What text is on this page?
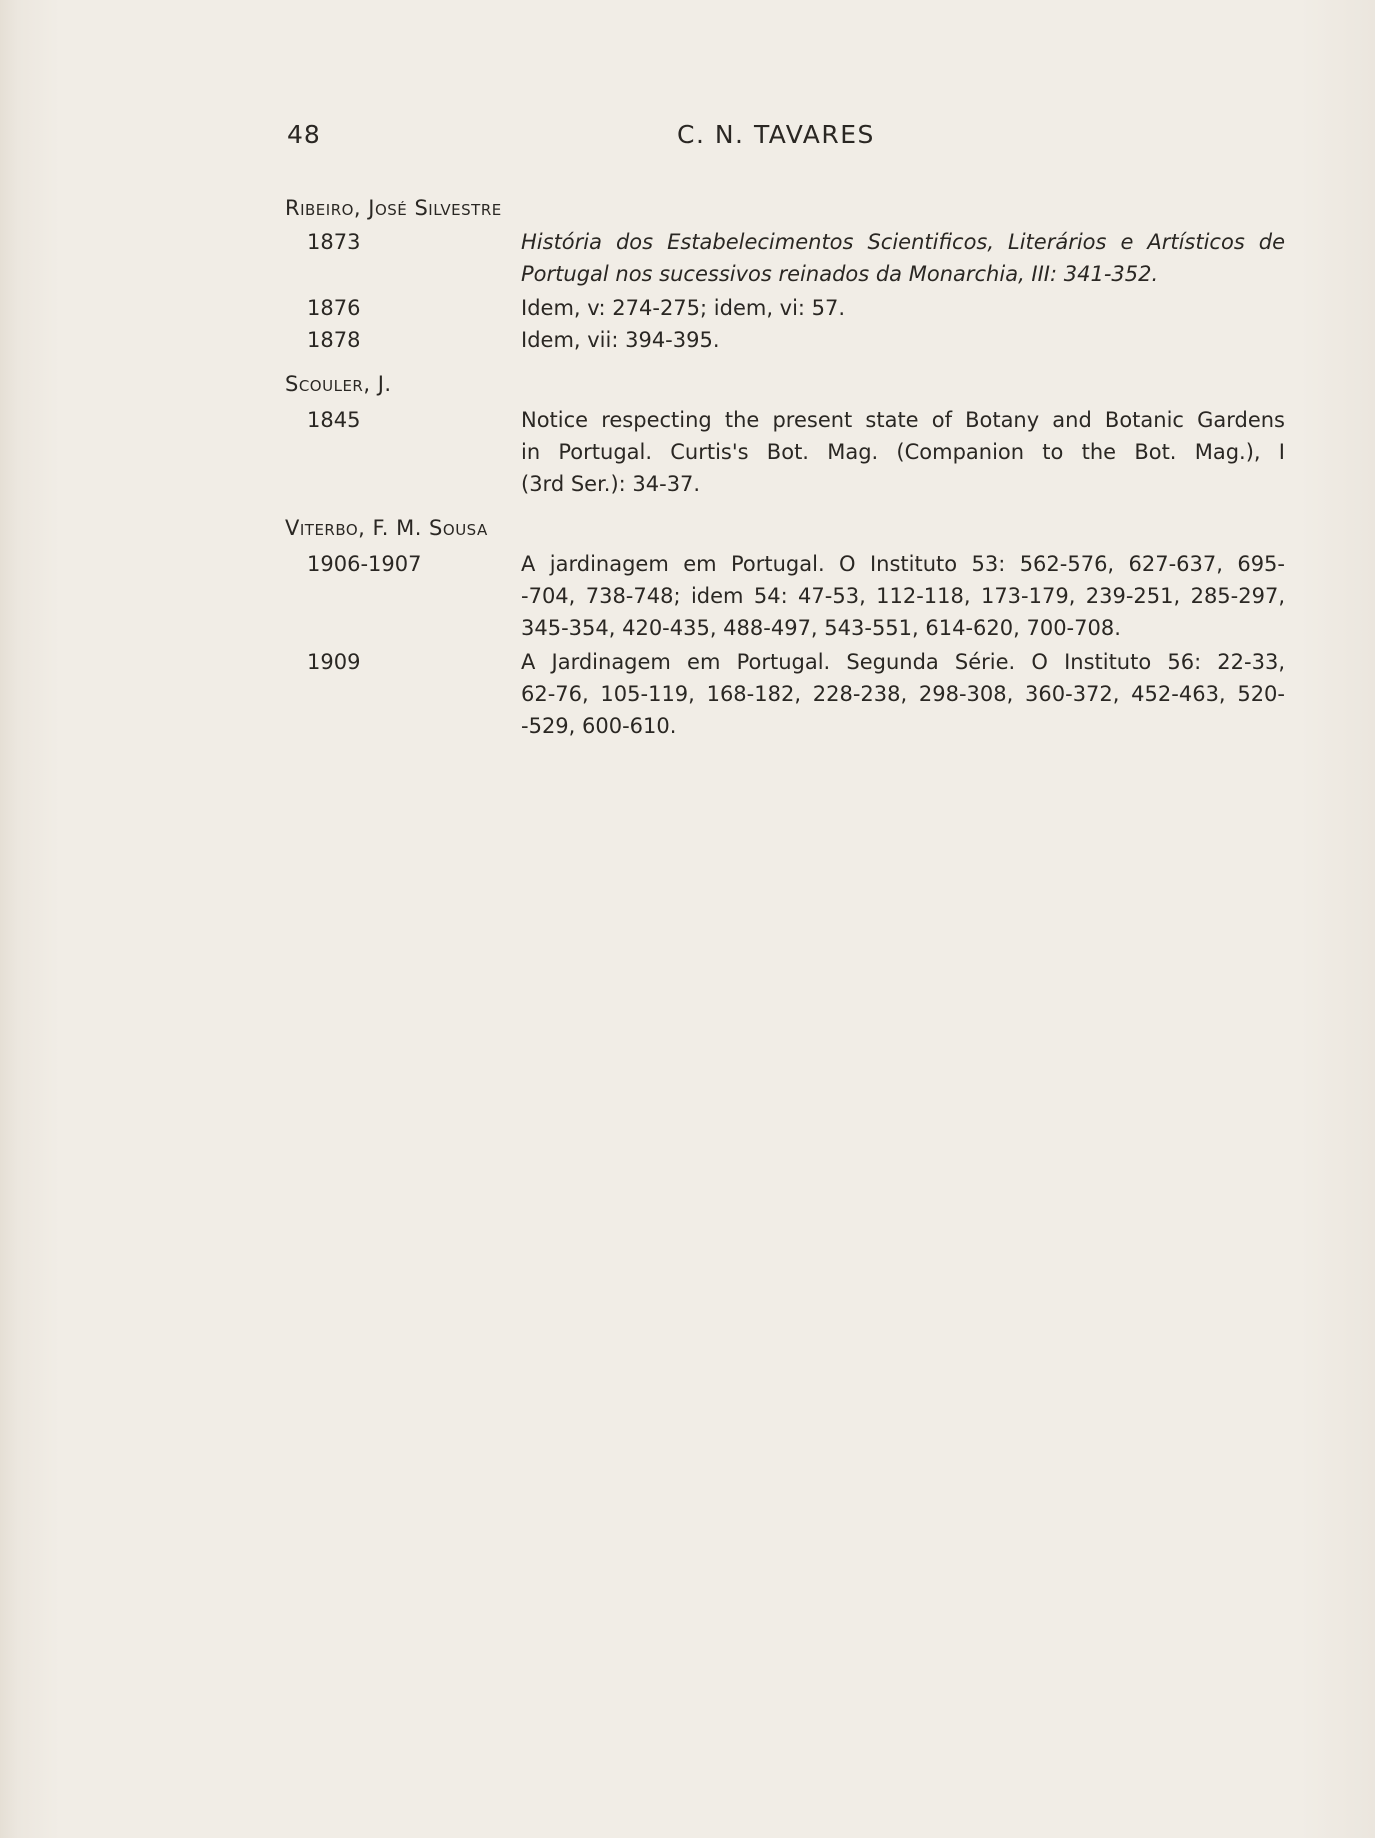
48	C. N. TAVARES
Ribeiro, José Silvestre
1873	História dos Estabelecimentos Scientificos, Literários e Artísticos de
Portugal nos sucessivos reinados da Monarchia, III: 341-352.
1876	Idem, v: 274-275; idem, vi: 57.
1878	Idem, vii: 394-395.
Scouler, J.
1845	Notice respecting the present state of Botany and Botanic Gardens
in Portugal. Curtis's Bot. Mag. (Companion to the Bot. Mag.), I
(3rd Ser.): 34-37.
Viterbo, F. M. Sousa
1906-1907	A jardinagem em Portugal. O Instituto 53: 562-576, 627-637, 695-
-704, 738-748; idem 54: 47-53, 112-118, 173-179, 239-251, 285-297,
345-354, 420-435, 488-497, 543-551, 614-620, 700-708.
1909	A Jardinagem em Portugal. Segunda Série. O Instituto 56: 22-33,
62-76, 105-119, 168-182, 228-238, 298-308, 360-372, 452-463, 520-
-529, 600-610.
